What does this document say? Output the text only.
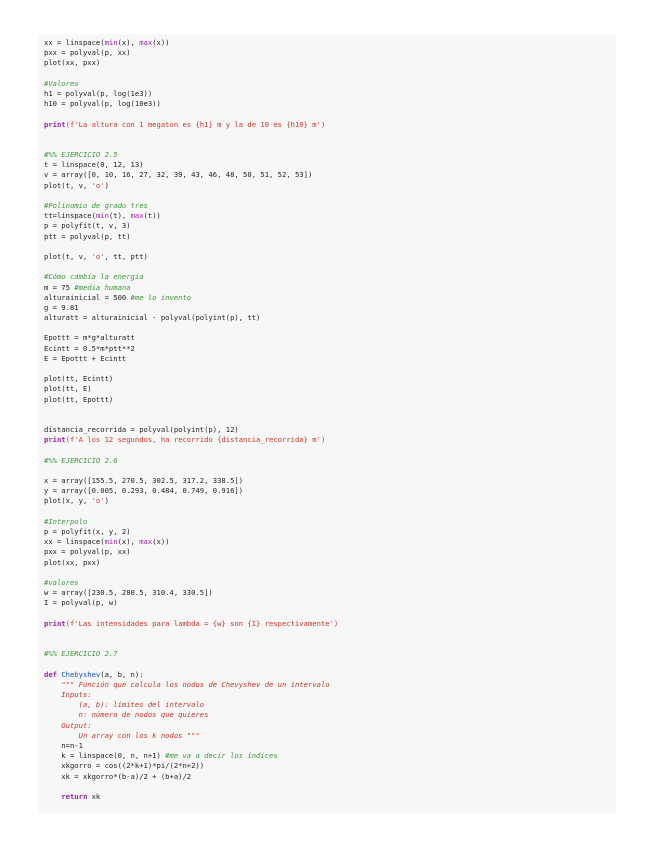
xx = linspace(min(x), max(x))
pxx = polyval(p, xx)
plot(xx, pxx)
#Valores
h1 = polyval(p, log(1e3))
h10 = polyval(p, log(10e3))
print(f'La altura con 1 megaton es {h1} m y la de 10 es {h10} m')
#%% EJERCICIO 2.5
t = linspace(0, 12, 13)
v = array([0, 10, 16, 27, 32, 39, 43, 46, 48, 50, 51, 52, 53])
plot(t, v, 'o')
#Polinomio de grado tres
tt=linspace(min(t), max(t))
p = polyfit(t, v, 3)
ptt = polyval(p, tt)
plot(t, v, 'o', tt, ptt)
#Cómo cambia la energía
m = 75 #media humana
alturainicial = 500 #me lo invento
g = 9.81
alturatt = alturainicial - polyval(polyint(p), tt)
Epottt = m*g*alturatt
Ecintt = 0.5*m*ptt**2
E = Epottt + Ecintt
plot(tt, Ecintt)
plot(tt, E)
plot(tt, Epottt)
distancia_recorrida = polyval(polyint(p), 12)
print(f'A los 12 segundos, ha recorrido {distancia_recorrida} m')
#%% EJERCICIO 2.6
x = array([155.5, 270.5, 302.5, 317.2, 338.5])
y = array([0.005, 0.293, 0.484, 0.749, 0.916])
plot(x, y, 'o')
#Interpolo
p = polyfit(x, y, 2)
xx = linspace(min(x), max(x))
pxx = polyval(p, xx)
plot(xx, pxx)
#valores
w = array([230.5, 280.5, 310.4, 330.5])
I = polyval(p, w)
print(f'Las intensidades para lambda = {w} son {I} respectivamente')
#%% EJERCICIO 2.7
def Chebyshev(a, b, n):
""" Función que calcula los nodos de Chevyshev de un intervalo
Inputs:
(a, b): límites del intervalo
n: número de nodos que quieres
Output:
Un array con los k nodos """
n=n-1
k = linspace(0, n, n+1) #me va a decir los índices
xkgorro = cos((2*k+1)*pi/(2*n+2))
xk = xkgorro*(b-a)/2 + (b+a)/2
return xk
